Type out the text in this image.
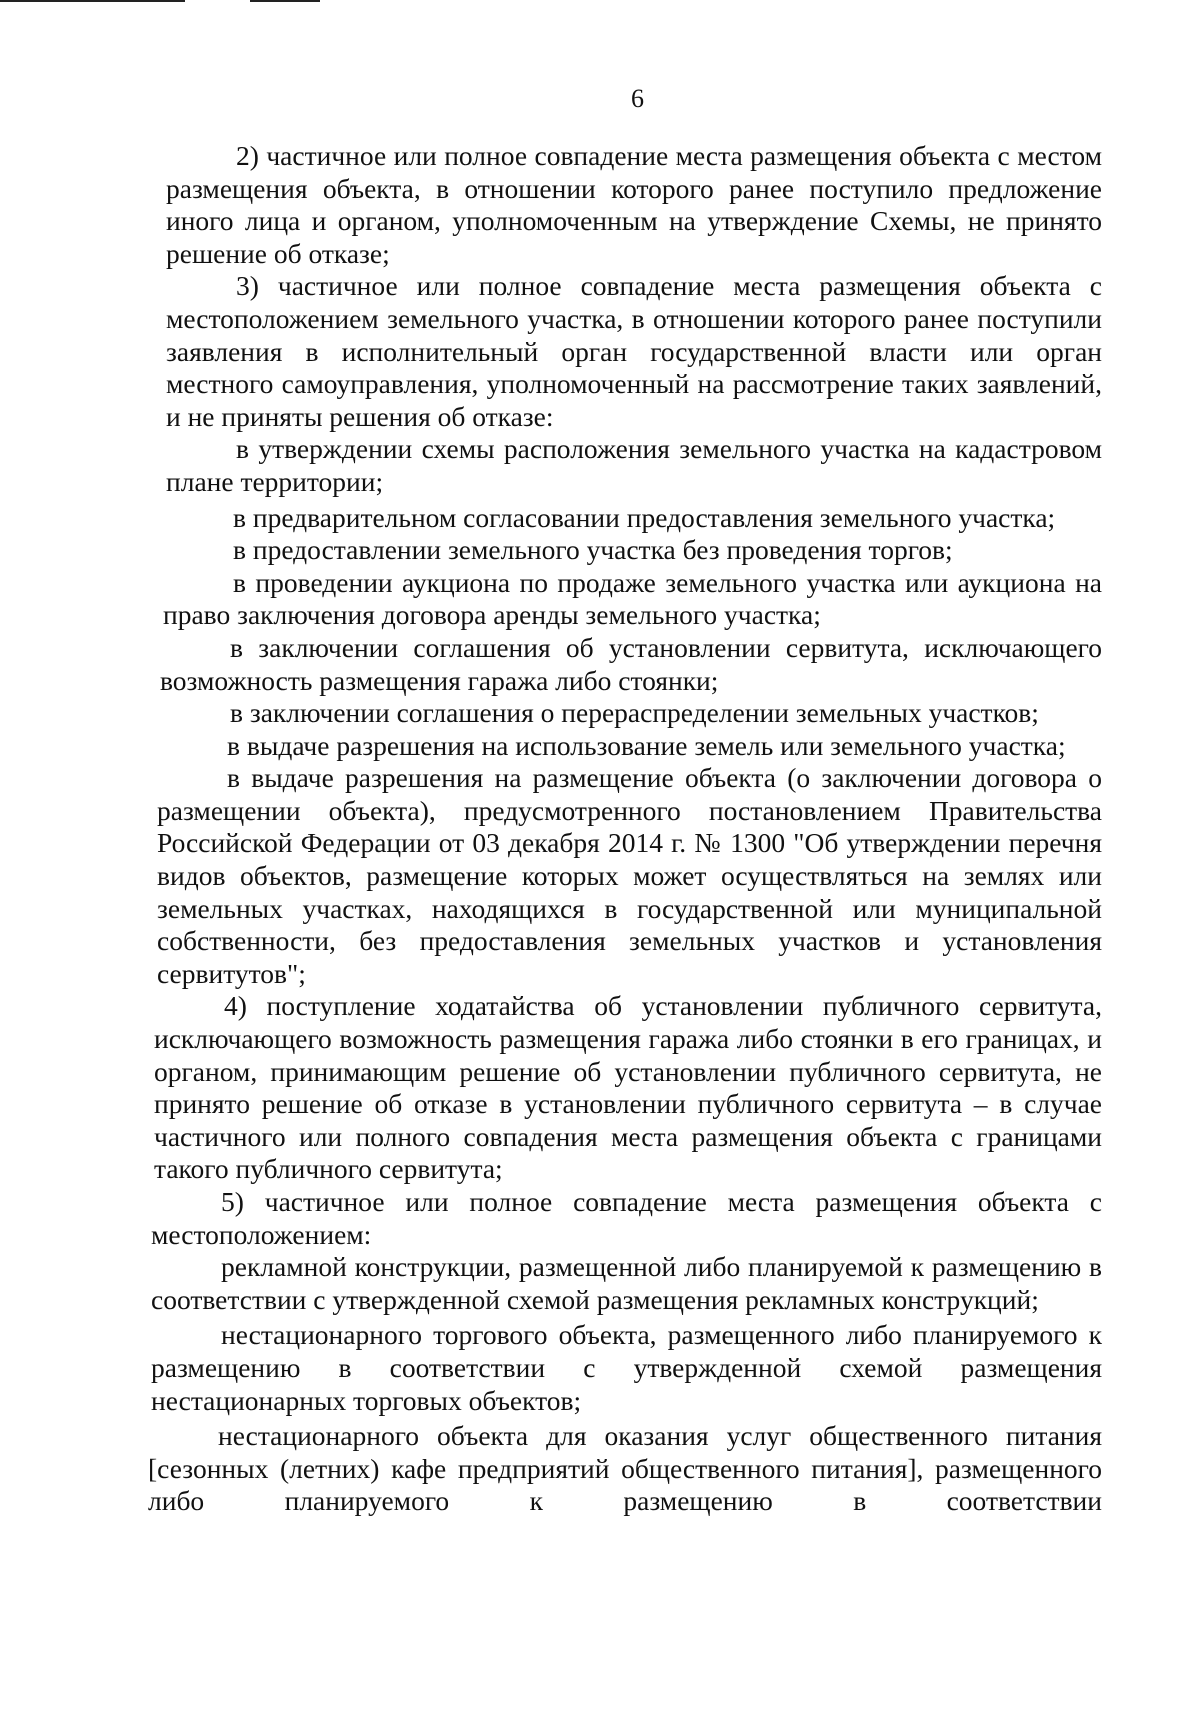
6

2) частичное или полное совпадение места размещения объекта с местом размещения объекта, в отношении которого ранее поступило предложение иного лица и органом, уполномоченным на утверждение Схемы, не принято решение об отказе;

3) частичное или полное совпадение места размещения объекта с местоположением земельного участка, в отношении которого ранее поступили заявления в исполнительный орган государственной власти или орган местного самоуправления, уполномоченный на рассмотрение таких заявлений, и не приняты решения об отказе:

в утверждении схемы расположения земельного участка на кадастровом плане территории;

в предварительном согласовании предоставления земельного участка;

в предоставлении земельного участка без проведения торгов;

в проведении аукциона по продаже земельного участка или аукциона на право заключения договора аренды земельного участка;

в заключении соглашения об установлении сервитута, исключающего возможность размещения гаража либо стоянки;

в заключении соглашения о перераспределении земельных участков;

в выдаче разрешения на использование земель или земельного участка;

в выдаче разрешения на размещение объекта (о заключении договора о размещении объекта), предусмотренного постановлением Правительства Российской Федерации от 03 декабря 2014 г. № 1300 "Об утверждении перечня видов объектов, размещение которых может осуществляться на землях или земельных участках, находящихся в государственной или муниципальной собственности, без предоставления земельных участков и установления сервитутов";

4) поступление ходатайства об установлении публичного сервитута, исключающего возможность размещения гаража либо стоянки в его границах, и органом, принимающим решение об установлении публичного сервитута, не принято решение об отказе в установлении публичного сервитута – в случае частичного или полного совпадения места размещения объекта с границами такого публичного сервитута;

5) частичное или полное совпадение места размещения объекта с местоположением:

рекламной конструкции, размещенной либо планируемой к размещению в соответствии с утвержденной схемой размещения рекламных конструкций;

нестационарного торгового объекта, размещенного либо планируемого к размещению в соответствии с утвержденной схемой размещения нестационарных торговых объектов;

нестационарного объекта для оказания услуг общественного питания [сезонных (летних) кафе предприятий общественного питания], размещенного либо планируемого к размещению в соответствии
